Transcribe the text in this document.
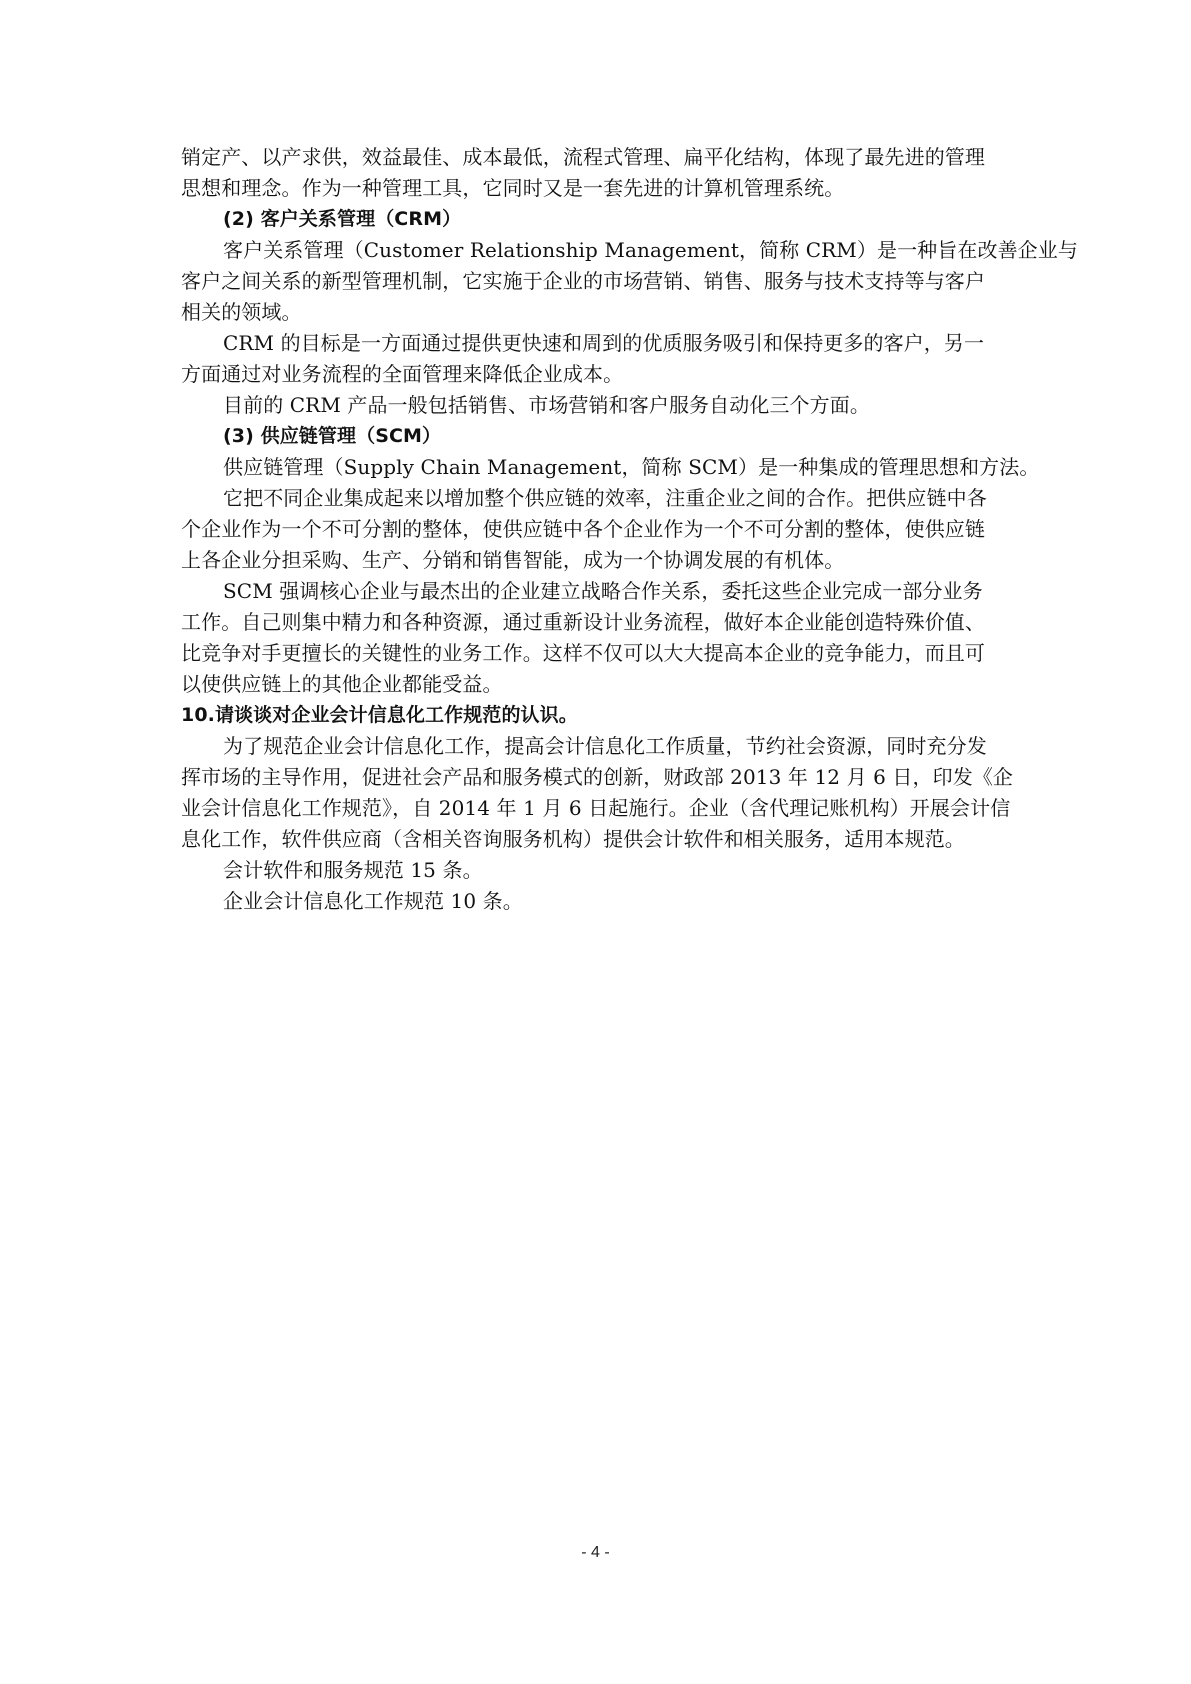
销定产、以产求供，效益最佳、成本最低，流程式管理、扁平化结构，体现了最先进的管理
思想和理念。作为一种管理工具，它同时又是一套先进的计算机管理系统。
(2) 客户关系管理（CRM）
客户关系管理（Customer Relationship Management，简称 CRM）是一种旨在改善企业与
客户之间关系的新型管理机制，它实施于企业的市场营销、销售、服务与技术支持等与客户
相关的领域。
CRM 的目标是一方面通过提供更快速和周到的优质服务吸引和保持更多的客户，另一
方面通过对业务流程的全面管理来降低企业成本。
目前的 CRM 产品一般包括销售、市场营销和客户服务自动化三个方面。
(3) 供应链管理（SCM）
供应链管理（Supply Chain Management，简称 SCM）是一种集成的管理思想和方法。
它把不同企业集成起来以增加整个供应链的效率，注重企业之间的合作。把供应链中各
个企业作为一个不可分割的整体，使供应链中各个企业作为一个不可分割的整体，使供应链
上各企业分担采购、生产、分销和销售智能，成为一个协调发展的有机体。
SCM 强调核心企业与最杰出的企业建立战略合作关系，委托这些企业完成一部分业务
工作。自己则集中精力和各种资源，通过重新设计业务流程，做好本企业能创造特殊价值、
比竞争对手更擅长的关键性的业务工作。这样不仅可以大大提高本企业的竞争能力，而且可
以使供应链上的其他企业都能受益。
10.请谈谈对企业会计信息化工作规范的认识。
为了规范企业会计信息化工作，提高会计信息化工作质量，节约社会资源，同时充分发
挥市场的主导作用，促进社会产品和服务模式的创新，财政部 2013 年 12 月 6 日，印发《企
业会计信息化工作规范》，自 2014 年 1 月 6 日起施行。企业（含代理记账机构）开展会计信
息化工作，软件供应商（含相关咨询服务机构）提供会计软件和相关服务，适用本规范。
会计软件和服务规范 15 条。
企业会计信息化工作规范 10 条。
- 4 -
